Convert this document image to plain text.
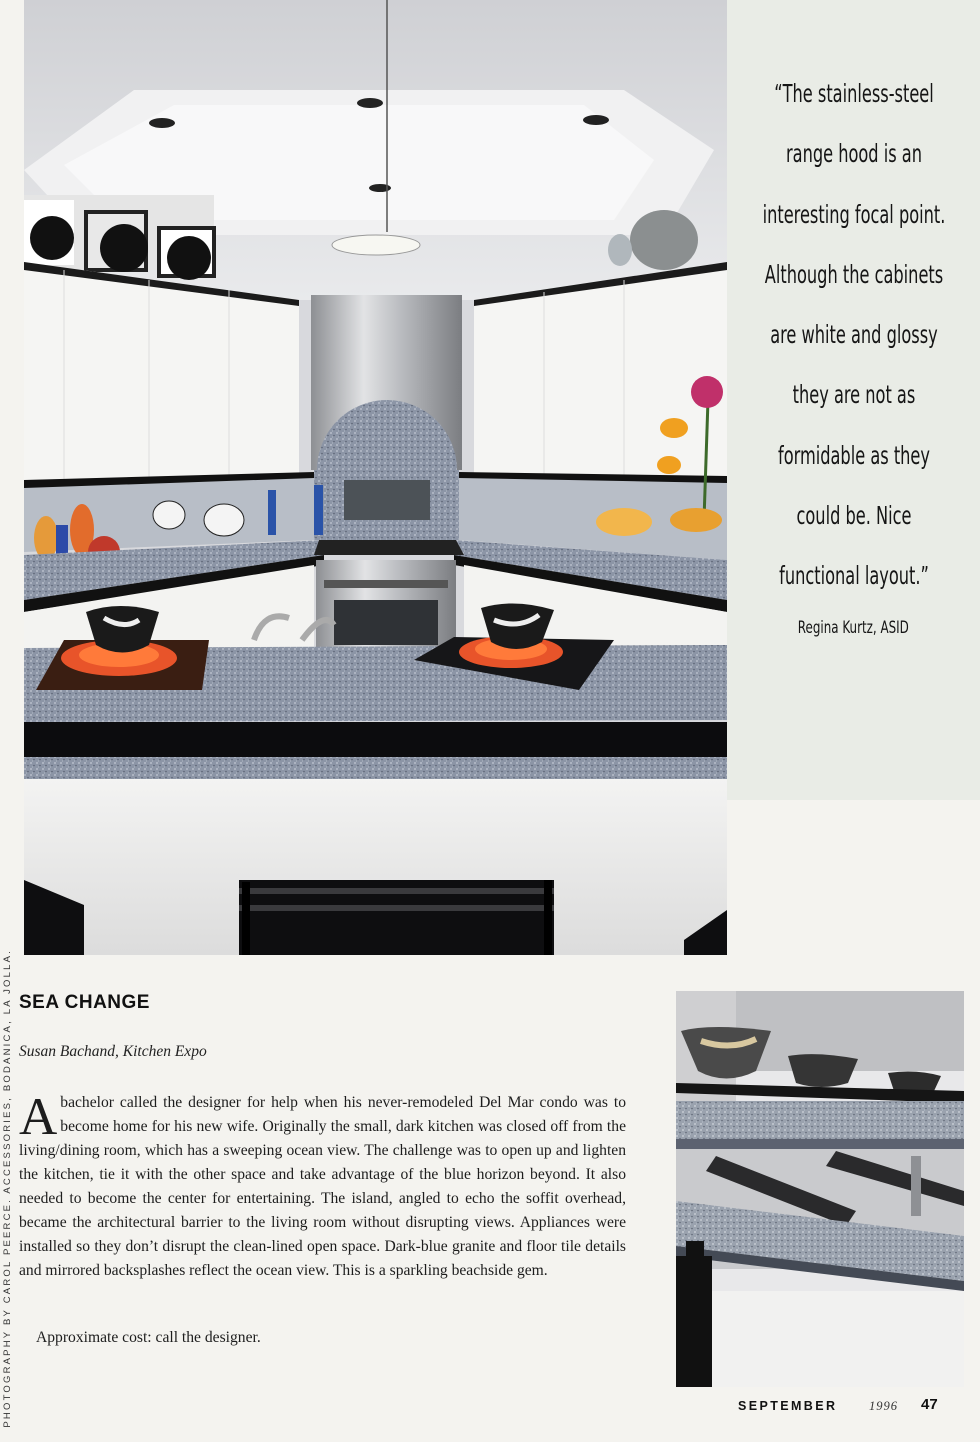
PHOTOGRAPHY BY CAROL PEERCE. ACCESSORIES, BODANICA, LA JOLLA.
“The stainless-steel
range hood is an
interesting focal point.
Although the cabinets
are white and glossy
they are not as
formidable as they
could be. Nice
functional layout.”
Regina Kurtz, ASID
SEA CHANGE
Susan Bachand, Kitchen Expo

A bachelor called the designer for help when his never-remodeled Del Mar condo was to become home for his new wife. Originally the small, dark kitchen was closed off from the living/dining room, which has a sweeping ocean view. The challenge was to open up and lighten the kitchen, tie it with the other space and take advantage of the blue horizon beyond. It also needed to become the center for entertaining. The island, angled to echo the soffit overhead, became the architectural barrier to the living room without disrupting views. Appliances were installed so they don’t disrupt the clean-lined open space. Dark-blue granite and floor tile details and mirrored backsplashes reflect the ocean view. This is a sparkling beachside gem.

Approximate cost: call the designer.
SEPTEMBER	1996 47
